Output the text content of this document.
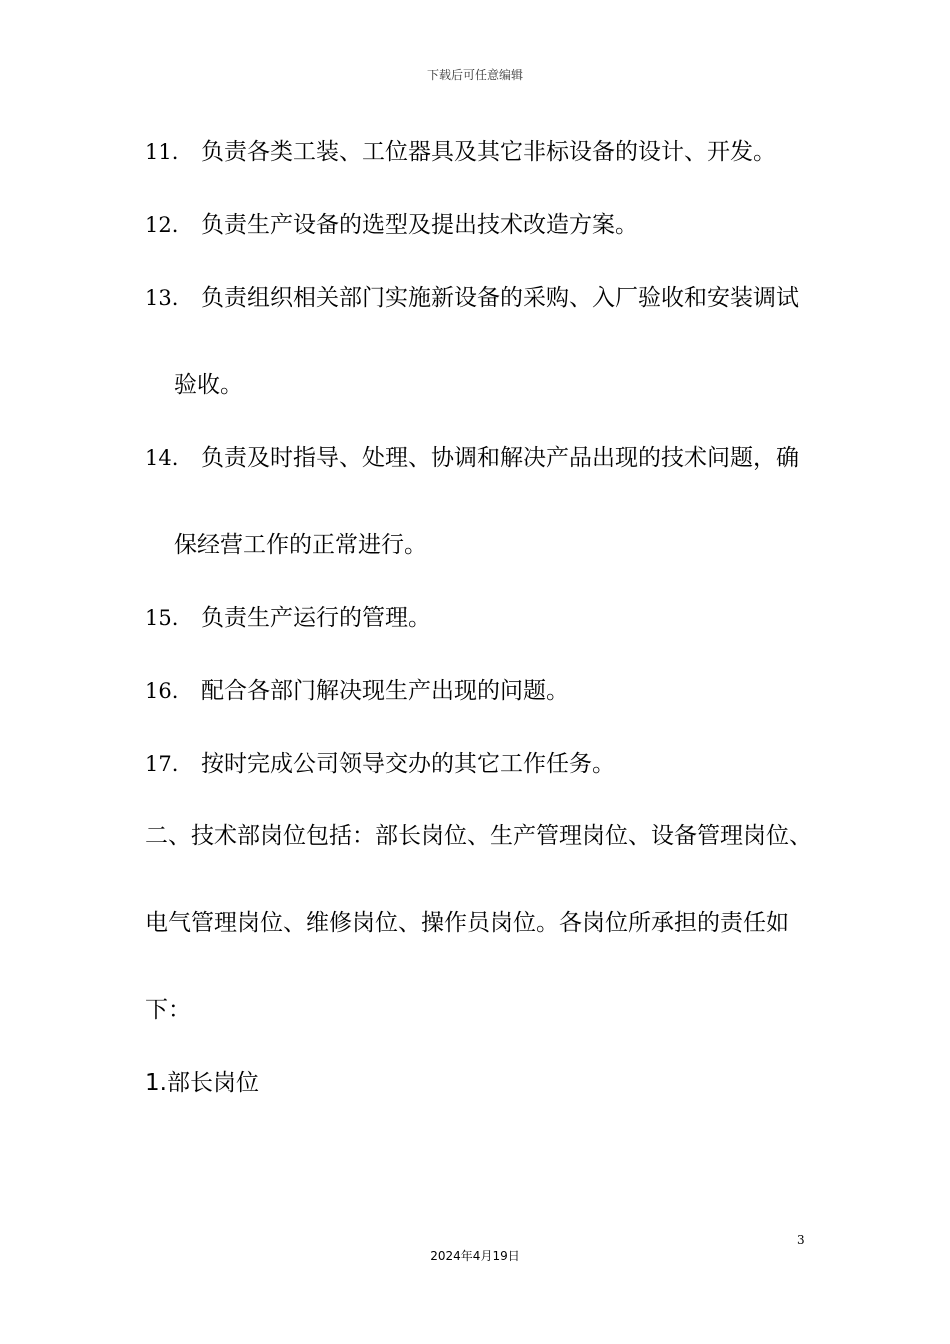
下载后可任意编辑
11. 负责各类工装、工位器具及其它非标设备的设计、开发。
12. 负责生产设备的选型及提出技术改造方案。
13. 负责组织相关部门实施新设备的采购、入厂验收和安装调试
验收。
14. 负责及时指导、处理、协调和解决产品出现的技术问题，确
保经营工作的正常进行。
15. 负责生产运行的管理。
16. 配合各部门解决现生产出现的问题。
17. 按时完成公司领导交办的其它工作任务。
二、技术部岗位包括：部长岗位、生产管理岗位、设备管理岗位、
电气管理岗位、维修岗位、操作员岗位。各岗位所承担的责任如
下：
1.部长岗位
3
2024年4月19日
